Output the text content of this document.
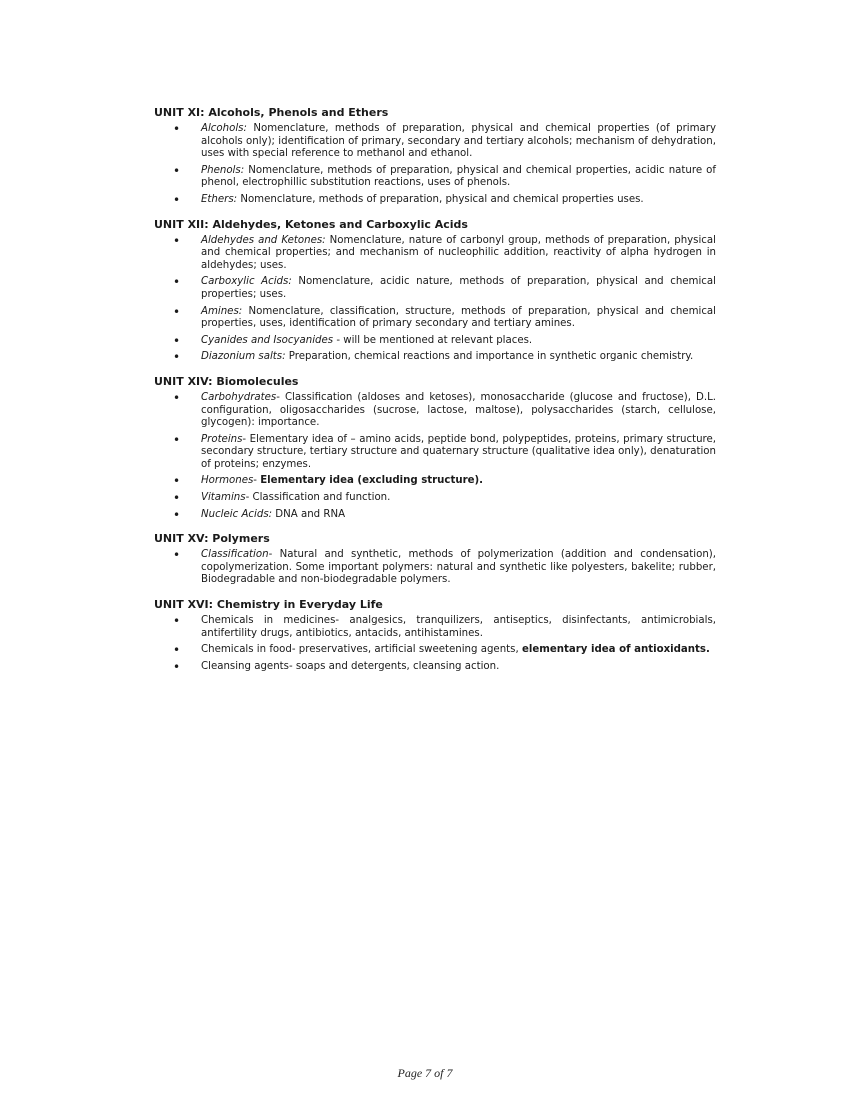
UNIT XI: Alcohols, Phenols and Ethers
• Alcohols: Nomenclature, methods of preparation, physical and chemical properties (of primary alcohols only); identification of primary, secondary and tertiary alcohols; mechanism of dehydration, uses with special reference to methanol and ethanol.
• Phenols: Nomenclature, methods of preparation, physical and chemical properties, acidic nature of phenol, electrophillic substitution reactions, uses of phenols.
• Ethers: Nomenclature, methods of preparation, physical and chemical properties uses.
UNIT XII: Aldehydes, Ketones and Carboxylic Acids
• Aldehydes and Ketones: Nomenclature, nature of carbonyl group, methods of preparation, physical and chemical properties; and mechanism of nucleophilic addition, reactivity of alpha hydrogen in aldehydes; uses.
• Carboxylic Acids: Nomenclature, acidic nature, methods of preparation, physical and chemical properties; uses.
• Amines: Nomenclature, classification, structure, methods of preparation, physical and chemical properties, uses, identification of primary secondary and tertiary amines.
• Cyanides and Isocyanides - will be mentioned at relevant places.
• Diazonium salts: Preparation, chemical reactions and importance in synthetic organic chemistry.
UNIT XIV: Biomolecules
• Carbohydrates- Classification (aldoses and ketoses), monosaccharide (glucose and fructose), D.L. configuration, oligosaccharides (sucrose, lactose, maltose), polysaccharides (starch, cellulose, glycogen): importance.
• Proteins- Elementary idea of – amino acids, peptide bond, polypeptides, proteins, primary structure, secondary structure, tertiary structure and quaternary structure (qualitative idea only), denaturation of proteins; enzymes.
• Hormones- Elementary idea (excluding structure).
• Vitamins- Classification and function.
• Nucleic Acids: DNA and RNA
UNIT XV: Polymers
• Classification- Natural and synthetic, methods of polymerization (addition and condensation), copolymerization. Some important polymers: natural and synthetic like polyesters, bakelite; rubber, Biodegradable and non-biodegradable polymers.
UNIT XVI: Chemistry in Everyday Life
• Chemicals in medicines- analgesics, tranquilizers, antiseptics, disinfectants, antimicrobials, antifertility drugs, antibiotics, antacids, antihistamines.
• Chemicals in food- preservatives, artificial sweetening agents, elementary idea of antioxidants.
• Cleansing agents- soaps and detergents, cleansing action.
Page 7 of 7
